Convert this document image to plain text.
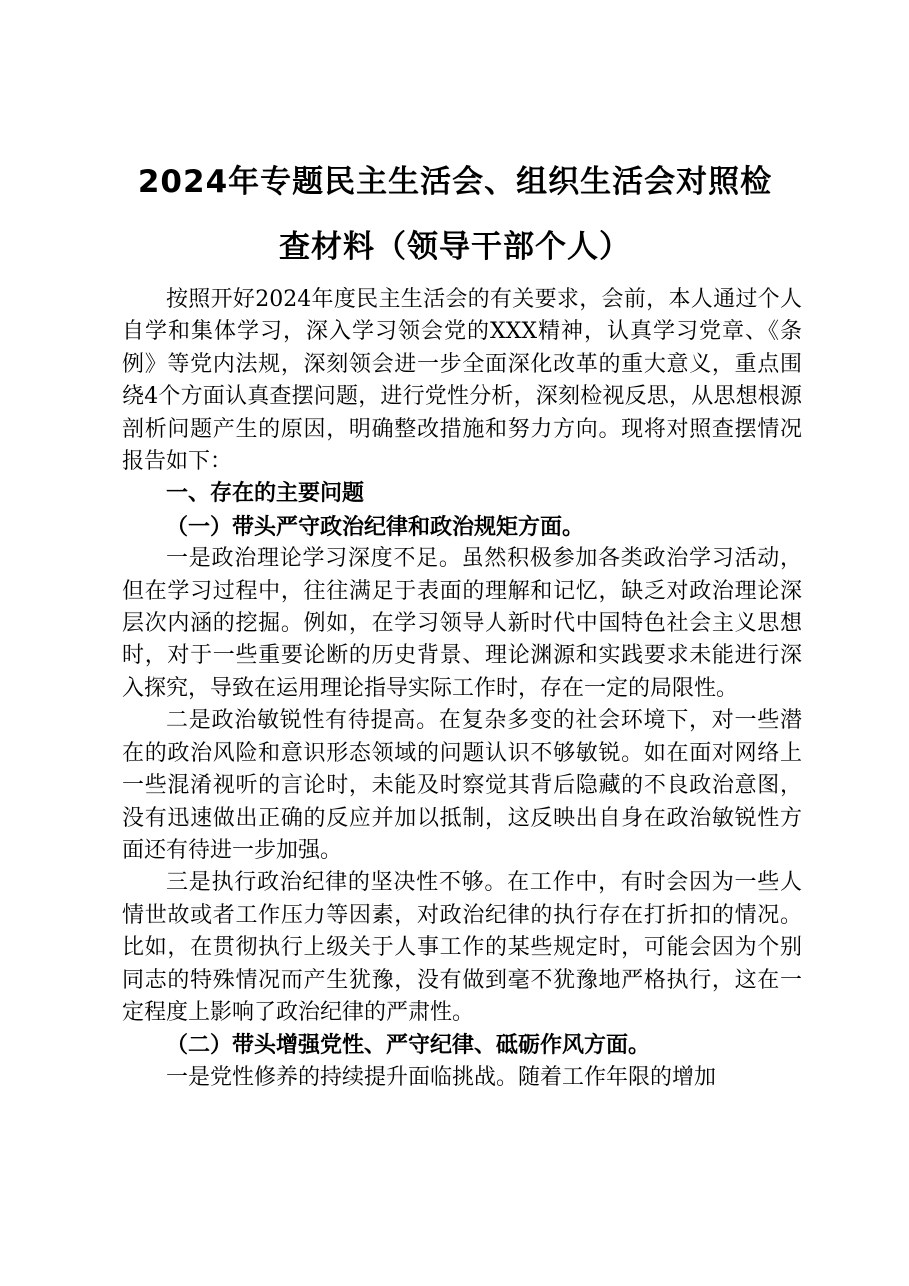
2024年专题民主生活会、组织生活会对照检
查材料（领导干部个人）

按照开好2024年度民主生活会的有关要求，会前，本人通过个人自学和集体学习，深入学习领会党的XXX精神，认真学习党章、《条例》等党内法规，深刻领会进一步全面深化改革的重大意义，重点围绕4个方面认真查摆问题，进行党性分析，深刻检视反思，从思想根源剖析问题产生的原因，明确整改措施和努力方向。现将对照查摆情况报告如下：

一、存在的主要问题

（一）带头严守政治纪律和政治规矩方面。

一是政治理论学习深度不足。虽然积极参加各类政治学习活动，但在学习过程中，往往满足于表面的理解和记忆，缺乏对政治理论深层次内涵的挖掘。例如，在学习领导人新时代中国特色社会主义思想时，对于一些重要论断的历史背景、理论渊源和实践要求未能进行深入探究，导致在运用理论指导实际工作时，存在一定的局限性。

二是政治敏锐性有待提高。在复杂多变的社会环境下，对一些潜在的政治风险和意识形态领域的问题认识不够敏锐。如在面对网络上一些混淆视听的言论时，未能及时察觉其背后隐藏的不良政治意图，没有迅速做出正确的反应并加以抵制，这反映出自身在政治敏锐性方面还有待进一步加强。

三是执行政治纪律的坚决性不够。在工作中，有时会因为一些人情世故或者工作压力等因素，对政治纪律的执行存在打折扣的情况。比如，在贯彻执行上级关于人事工作的某些规定时，可能会因为个别同志的特殊情况而产生犹豫，没有做到毫不犹豫地严格执行，这在一定程度上影响了政治纪律的严肃性。

（二）带头增强党性、严守纪律、砥砺作风方面。

一是党性修养的持续提升面临挑战。随着工作年限的增加
